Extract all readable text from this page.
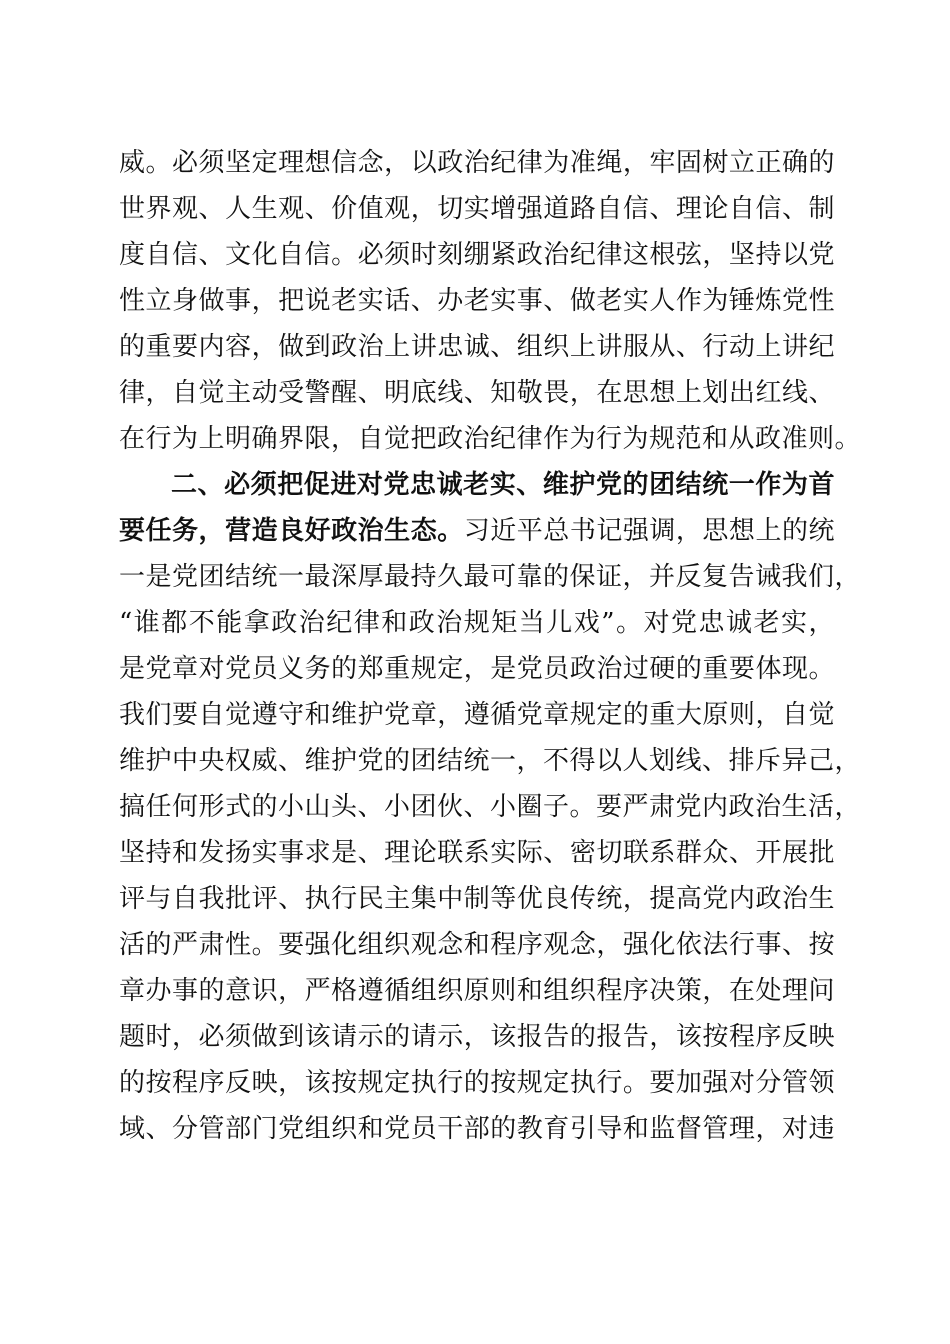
威。必须坚定理想信念，以政治纪律为准绳，牢固树立正确的
世界观、人生观、价值观，切实增强道路自信、理论自信、制
度自信、文化自信。必须时刻绷紧政治纪律这根弦，坚持以党
性立身做事，把说老实话、办老实事、做老实人作为锤炼党性
的重要内容，做到政治上讲忠诚、组织上讲服从、行动上讲纪
律，自觉主动受警醒、明底线、知敬畏，在思想上划出红线、
在行为上明确界限，自觉把政治纪律作为行为规范和从政准则。
二、必须把促进对党忠诚老实、维护党的团结统一作为首
要任务，营造良好政治生态。习近平总书记强调，思想上的统
一是党团结统一最深厚最持久最可靠的保证，并反复告诫我们，
“谁都不能拿政治纪律和政治规矩当儿戏”。对党忠诚老实，
是党章对党员义务的郑重规定，是党员政治过硬的重要体现。
我们要自觉遵守和维护党章，遵循党章规定的重大原则，自觉
维护中央权威、维护党的团结统一，不得以人划线、排斥异己，
搞任何形式的小山头、小团伙、小圈子。要严肃党内政治生活，
坚持和发扬实事求是、理论联系实际、密切联系群众、开展批
评与自我批评、执行民主集中制等优良传统，提高党内政治生
活的严肃性。要强化组织观念和程序观念，强化依法行事、按
章办事的意识，严格遵循组织原则和组织程序决策，在处理问
题时，必须做到该请示的请示，该报告的报告，该按程序反映
的按程序反映，该按规定执行的按规定执行。要加强对分管领
域、分管部门党组织和党员干部的教育引导和监督管理，对违
